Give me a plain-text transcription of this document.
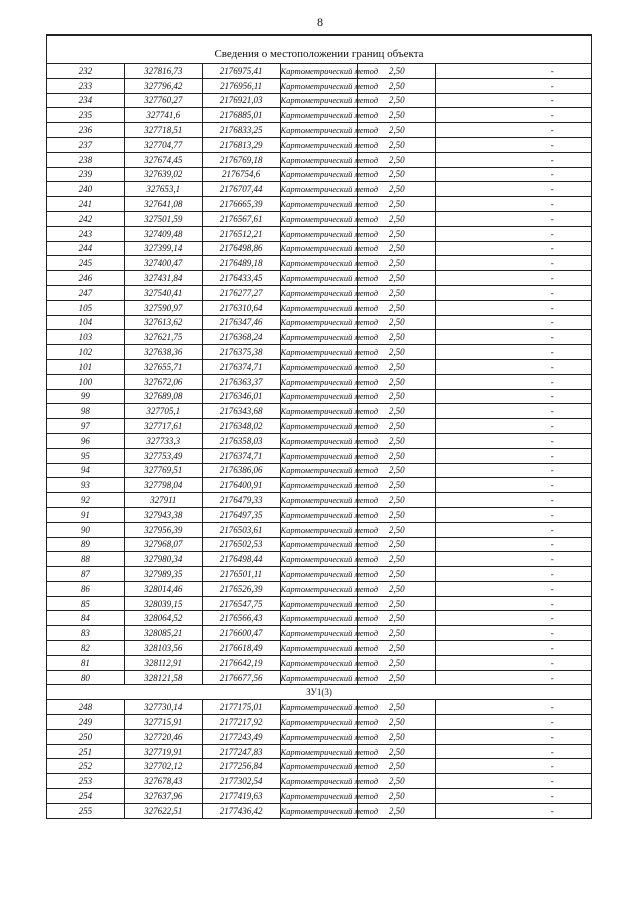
8
Сведения о местоположении границ объекта						
232	327816,73	2176975,41	Картометрический метод	2,50		-
233	327796,42	2176956,11	Картометрический метод	2,50		-
234	327760,27	2176921,03	Картометрический метод	2,50		-
235	327741,6	2176885,01	Картометрический метод	2,50		-
236	327718,51	2176833,25	Картометрический метод	2,50		-
237	327704,77	2176813,29	Картометрический метод	2,50		-
238	327674,45	2176769,18	Картометрический метод	2,50		-
239	327639,02	2176754,6	Картометрический метод	2,50		-
240	327653,1	2176707,44	Картометрический метод	2,50		-
241	327641,08	2176665,39	Картометрический метод	2,50		-
242	327501,59	2176567,61	Картометрический метод	2,50		-
243	327409,48	2176512,21	Картометрический метод	2,50		-
244	327399,14	2176498,86	Картометрический метод	2,50		-
245	327400,47	2176489,18	Картометрический метод	2,50		-
246	327431,84	2176433,45	Картометрический метод	2,50		-
247	327540,41	2176277,27	Картометрический метод	2,50		-
105	327590,97	2176310,64	Картометрический метод	2,50		-
104	327613,62	2176347,46	Картометрический метод	2,50		-
103	327621,75	2176368,24	Картометрический метод	2,50		-
102	327638,36	2176375,38	Картометрический метод	2,50		-
101	327655,71	2176374,71	Картометрический метод	2,50		-
100	327672,06	2176363,37	Картометрический метод	2,50		-
99	327689,08	2176346,01	Картометрический метод	2,50		-
98	327705,1	2176343,68	Картометрический метод	2,50		-
97	327717,61	2176348,02	Картометрический метод	2,50		-
96	327733,3	2176358,03	Картометрический метод	2,50		-
95	327753,49	2176374,71	Картометрический метод	2,50		-
94	327769,51	2176386,06	Картометрический метод	2,50		-
93	327798,04	2176400,91	Картометрический метод	2,50		-
92	327911	2176479,33	Картометрический метод	2,50		-
91	327943,38	2176497,35	Картометрический метод	2,50		-
90	327956,39	2176503,61	Картометрический метод	2,50		-
89	327968,07	2176502,53	Картометрический метод	2,50		-
88	327980,34	2176498,44	Картометрический метод	2,50		-
87	327989,35	2176501,11	Картометрический метод	2,50		-
86	328014,46	2176526,39	Картометрический метод	2,50		-
85	328039,15	2176547,75	Картометрический метод	2,50		-
84	328064,52	2176566,43	Картометрический метод	2,50		-
83	328085,21	2176600,47	Картометрический метод	2,50		-
82	328103,56	2176618,49	Картометрический метод	2,50		-
81	328112,91	2176642,19	Картометрический метод	2,50		-
80	328121,58	2176677,56	Картометрический метод	2,50		-
ЗУ1(3)						
248	327730,14	2177175,01	Картометрический метод	2,50		-
249	327715,91	2177217,92	Картометрический метод	2,50		-
250	327720,46	2177243,49	Картометрический метод	2,50		-
251	327719,91	2177247,83	Картометрический метод	2,50		-
252	327702,12	2177256,84	Картометрический метод	2,50		-
253	327678,43	2177302,54	Картометрический метод	2,50		-
254	327637,96	2177419,63	Картометрический метод	2,50		-
255	327622,51	2177436,42	Картометрический метод	2,50		-
